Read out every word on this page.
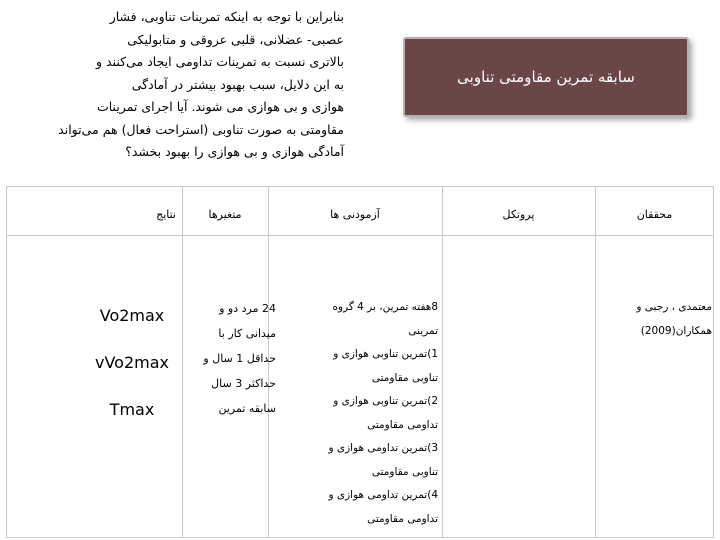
بنابراین با توجه به اینکه تمرینات تناوبی، فشار
عصبی- عضلانی، قلبی عروقی و متابولیکی
بالاتری نسبت به تمرینات تداومی ایجاد می‌کنند و
به این دلایل، سبب بهبود بیشتر در آمادگی
هوازی و بی هوازی می شوند. آیا اجرای تمرینات
مقاومتی به صورت تناوبی (استراحت فعال) هم می‌تواند
آمادگی هوازی و بی هوازی را بهبود بخشد؟
سابقه تمرین مقاومتی تناوبی
محققان
پروتکل
آزمودنی ها
متغیرها
نتایج
معتمدی ، رجبی و
همکاران(2009)
8هفته تمرین، بر 4 گروه
تمرینی
1)تمرین تناوبی هوازی و
تناوبی مقاومتی
2)تمرین تناوبی هوازی و
تداومی مقاومتی
3)تمرین تداومی هوازی و
تناوبی مقاومتی
4)تمرین تداومی هوازی و
تداومی مقاومتی
24 مرد دو و
میدانی کار با
حداقل 1 سال و
حداکثر 3 سال
سابقه تمرین
Vo2max
vVo2max
Tmax
